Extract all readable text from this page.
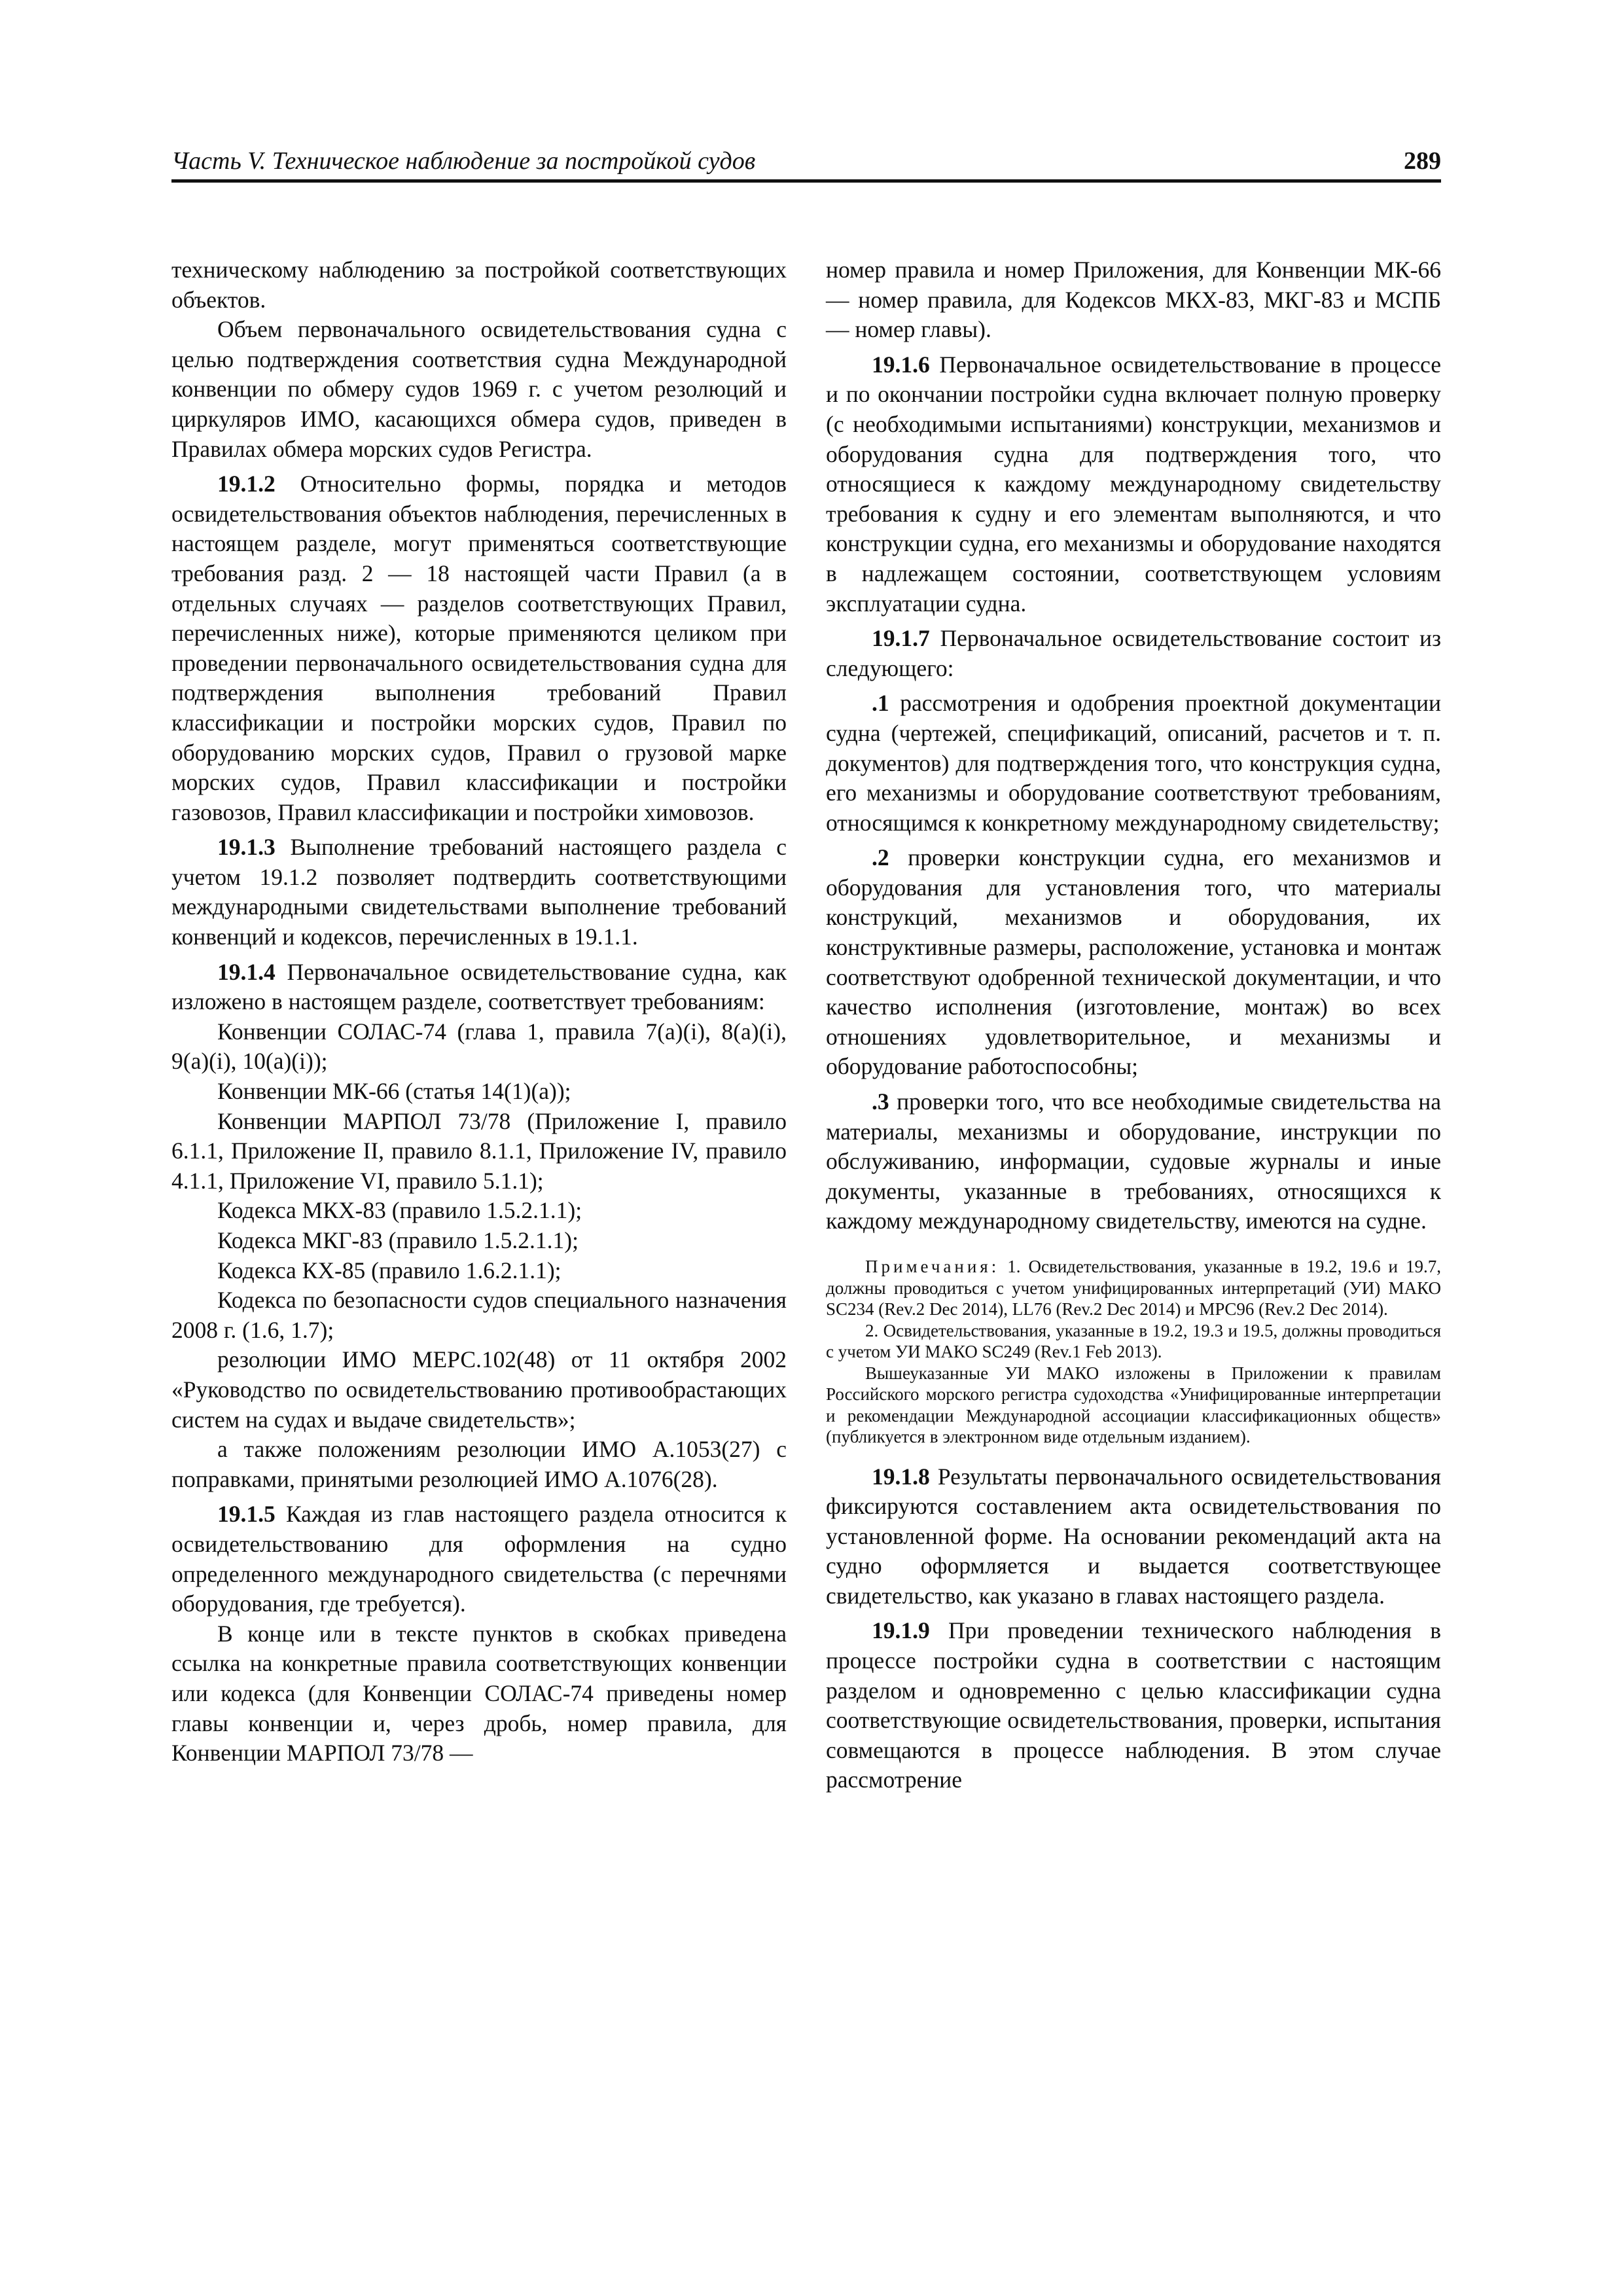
Часть V. Техническое наблюдение за постройкой судов	289

техническому наблюдению за постройкой соответствующих объектов.

Объем первоначального освидетельствования судна с целью подтверждения соответствия судна Международной конвенции по обмеру судов 1969 г. с учетом резолюций и циркуляров ИМО, касающихся обмера судов, приведен в Правилах обмера морских судов Регистра.

19.1.2 Относительно формы, порядка и методов освидетельствования объектов наблюдения, перечисленных в настоящем разделе, могут применяться соответствующие требования разд. 2 — 18 настоящей части Правил (а в отдельных случаях — разделов соответствующих Правил, перечисленных ниже), которые применяются целиком при проведении первоначального освидетельствования судна для подтверждения выполнения требований Правил классификации и постройки морских судов, Правил по оборудованию морских судов, Правил о грузовой марке морских судов, Правил классификации и постройки газовозов, Правил классификации и постройки химовозов.

19.1.3 Выполнение требований настоящего раздела с учетом 19.1.2 позволяет подтвердить соответствующими международными свидетельствами выполнение требований конвенций и кодексов, перечисленных в 19.1.1.

19.1.4 Первоначальное освидетельствование судна, как изложено в настоящем разделе, соответствует требованиям:

Конвенции СОЛАС-74 (глава 1, правила 7(a)(i), 8(a)(i), 9(a)(i), 10(a)(i));

Конвенции МК-66 (статья 14(1)(a));

Конвенции МАРПОЛ 73/78 (Приложение I, правило 6.1.1, Приложение II, правило 8.1.1, Приложение IV, правило 4.1.1, Приложение VI, правило 5.1.1);

Кодекса МКХ-83 (правило 1.5.2.1.1);

Кодекса МКГ-83 (правило 1.5.2.1.1);

Кодекса КХ-85 (правило 1.6.2.1.1);

Кодекса по безопасности судов специального назначения 2008 г. (1.6, 1.7);

резолюции ИМО МЕРС.102(48) от 11 октября 2002 «Руководство по освидетельствованию противообрастающих систем на судах и выдаче свидетельств»;

а также положениям резолюции ИМО А.1053(27) с поправками, принятыми резолюцией ИМО А.1076(28).

19.1.5 Каждая из глав настоящего раздела относится к освидетельствованию для оформления на судно определенного международного свидетельства (с перечнями оборудования, где требуется).

В конце или в тексте пунктов в скобках приведена ссылка на конкретные правила соответствующих конвенции или кодекса (для Конвенции СОЛАС-74 приведены номер главы конвенции и, через дробь, номер правила, для Конвенции МАРПОЛ 73/78 —

номер правила и номер Приложения, для Конвенции МК-66 — номер правила, для Кодексов МКХ-83, МКГ-83 и МСПБ — номер главы).

19.1.6 Первоначальное освидетельствование в процессе и по окончании постройки судна включает полную проверку (с необходимыми испытаниями) конструкции, механизмов и оборудования судна для подтверждения того, что относящиеся к каждому международному свидетельству требования к судну и его элементам выполняются, и что конструкции судна, его механизмы и оборудование находятся в надлежащем состоянии, соответствующем условиям эксплуатации судна.

19.1.7 Первоначальное освидетельствование состоит из следующего:

.1 рассмотрения и одобрения проектной документации судна (чертежей, спецификаций, описаний, расчетов и т. п. документов) для подтверждения того, что конструкция судна, его механизмы и оборудование соответствуют требованиям, относящимся к конкретному международному свидетельству;

.2 проверки конструкции судна, его механизмов и оборудования для установления того, что материалы конструкций, механизмов и оборудования, их конструктивные размеры, расположение, установка и монтаж соответствуют одобренной технической документации, и что качество исполнения (изготовление, монтаж) во всех отношениях удовлетворительное, и механизмы и оборудование работоспособны;

.3 проверки того, что все необходимые свидетельства на материалы, механизмы и оборудование, инструкции по обслуживанию, информации, судовые журналы и иные документы, указанные в требованиях, относящихся к каждому международному свидетельству, имеются на судне.

Примечания: 1. Освидетельствования, указанные в 19.2, 19.6 и 19.7, должны проводиться с учетом унифицированных интерпретаций (УИ) МАКО SC234 (Rev.2 Dec 2014), LL76 (Rev.2 Dec 2014) и MPC96 (Rev.2 Dec 2014).

2. Освидетельствования, указанные в 19.2, 19.3 и 19.5, должны проводиться с учетом УИ МАКО SC249 (Rev.1 Feb 2013).

Вышеуказанные УИ МАКО изложены в Приложении к правилам Российского морского регистра судоходства «Унифицированные интерпретации и рекомендации Международной ассоциации классификационных обществ» (публикуется в электронном виде отдельным изданием).

19.1.8 Результаты первоначального освидетельствования фиксируются составлением акта освидетельствования по установленной форме. На основании рекомендаций акта на судно оформляется и выдается соответствующее свидетельство, как указано в главах настоящего раздела.

19.1.9 При проведении технического наблюдения в процессе постройки судна в соответствии с настоящим разделом и одновременно с целью классификации судна соответствующие освидетельствования, проверки, испытания совмещаются в процессе наблюдения. В этом случае рассмотрение
